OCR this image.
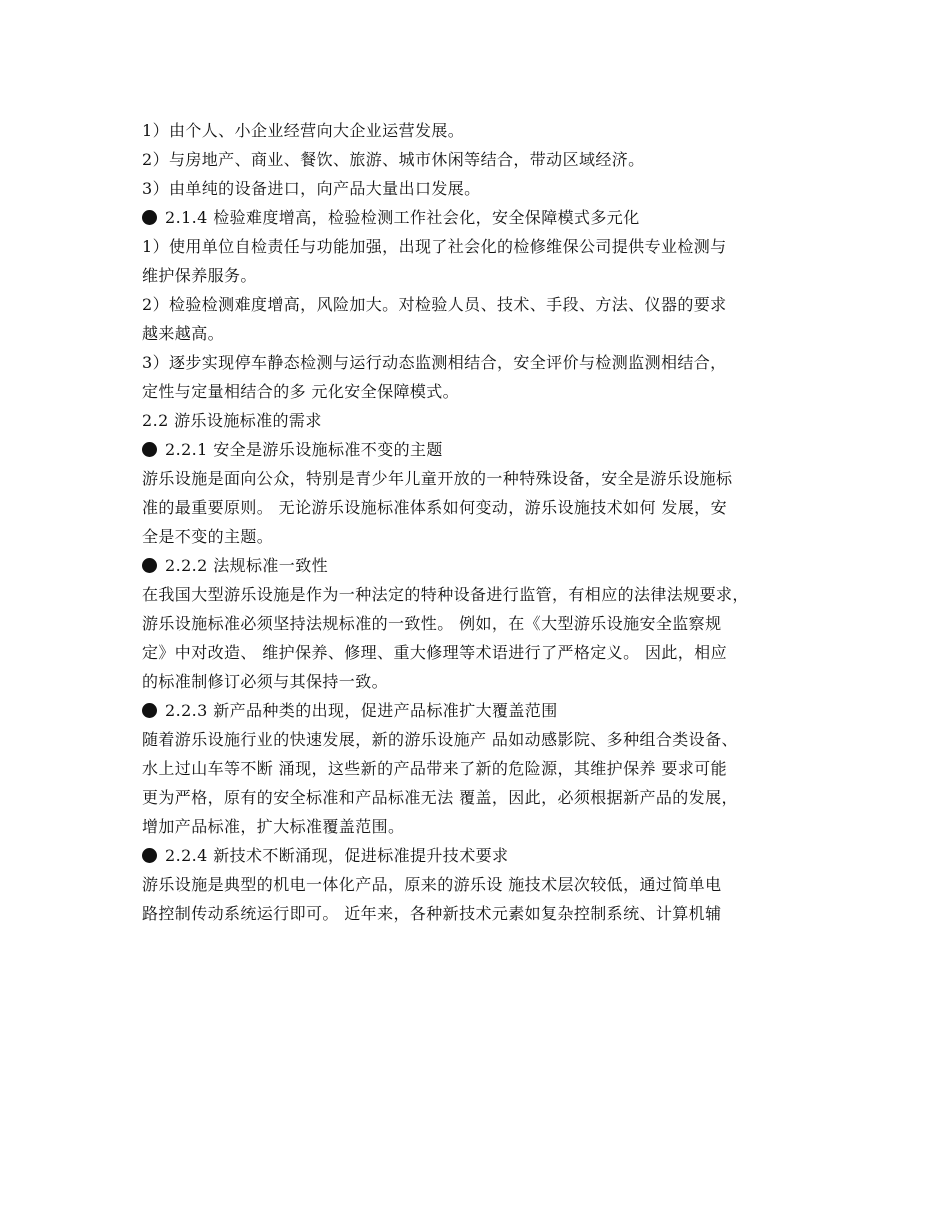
1）由个人、小企业经营向大企业运营发展。
2）与房地产、商业、餐饮、旅游、城市休闲等结合，带动区域经济。
3）由单纯的设备进口，向产品大量出口发展。
2.1.4 检验难度增高，检验检测工作社会化，安全保障模式多元化
1）使用单位自检责任与功能加强，出现了社会化的检修维保公司提供专业检测与
维护保养服务。
2）检验检测难度增高，风险加大。对检验人员、技术、手段、方法、仪器的要求
越来越高。
3）逐步实现停车静态检测与运行动态监测相结合，安全评价与检测监测相结合，
定性与定量相结合的多 元化安全保障模式。
2.2 游乐设施标准的需求
2.2.1 安全是游乐设施标准不变的主题
游乐设施是面向公众，特别是青少年儿童开放的一种特殊设备，安全是游乐设施标
准的最重要原则。 无论游乐设施标准体系如何变动，游乐设施技术如何 发展，安
全是不变的主题。
2.2.2 法规标准一致性
在我国大型游乐设施是作为一种法定的特种设备进行监管，有相应的法律法规要求，
游乐设施标准必须坚持法规标准的一致性。 例如，在《大型游乐设施安全监察规
定》中对改造、 维护保养、修理、重大修理等术语进行了严格定义。 因此，相应
的标准制修订必须与其保持一致。
2.2.3 新产品种类的出现，促进产品标准扩大覆盖范围
随着游乐设施行业的快速发展，新的游乐设施产 品如动感影院、多种组合类设备、
水上过山车等不断 涌现，这些新的产品带来了新的危险源，其维护保养 要求可能
更为严格，原有的安全标准和产品标准无法 覆盖，因此，必须根据新产品的发展，
增加产品标准，扩大标准覆盖范围。
2.2.4 新技术不断涌现，促进标准提升技术要求
游乐设施是典型的机电一体化产品，原来的游乐设 施技术层次较低，通过简单电
路控制传动系统运行即可。 近年来，各种新技术元素如复杂控制系统、计算机辅
